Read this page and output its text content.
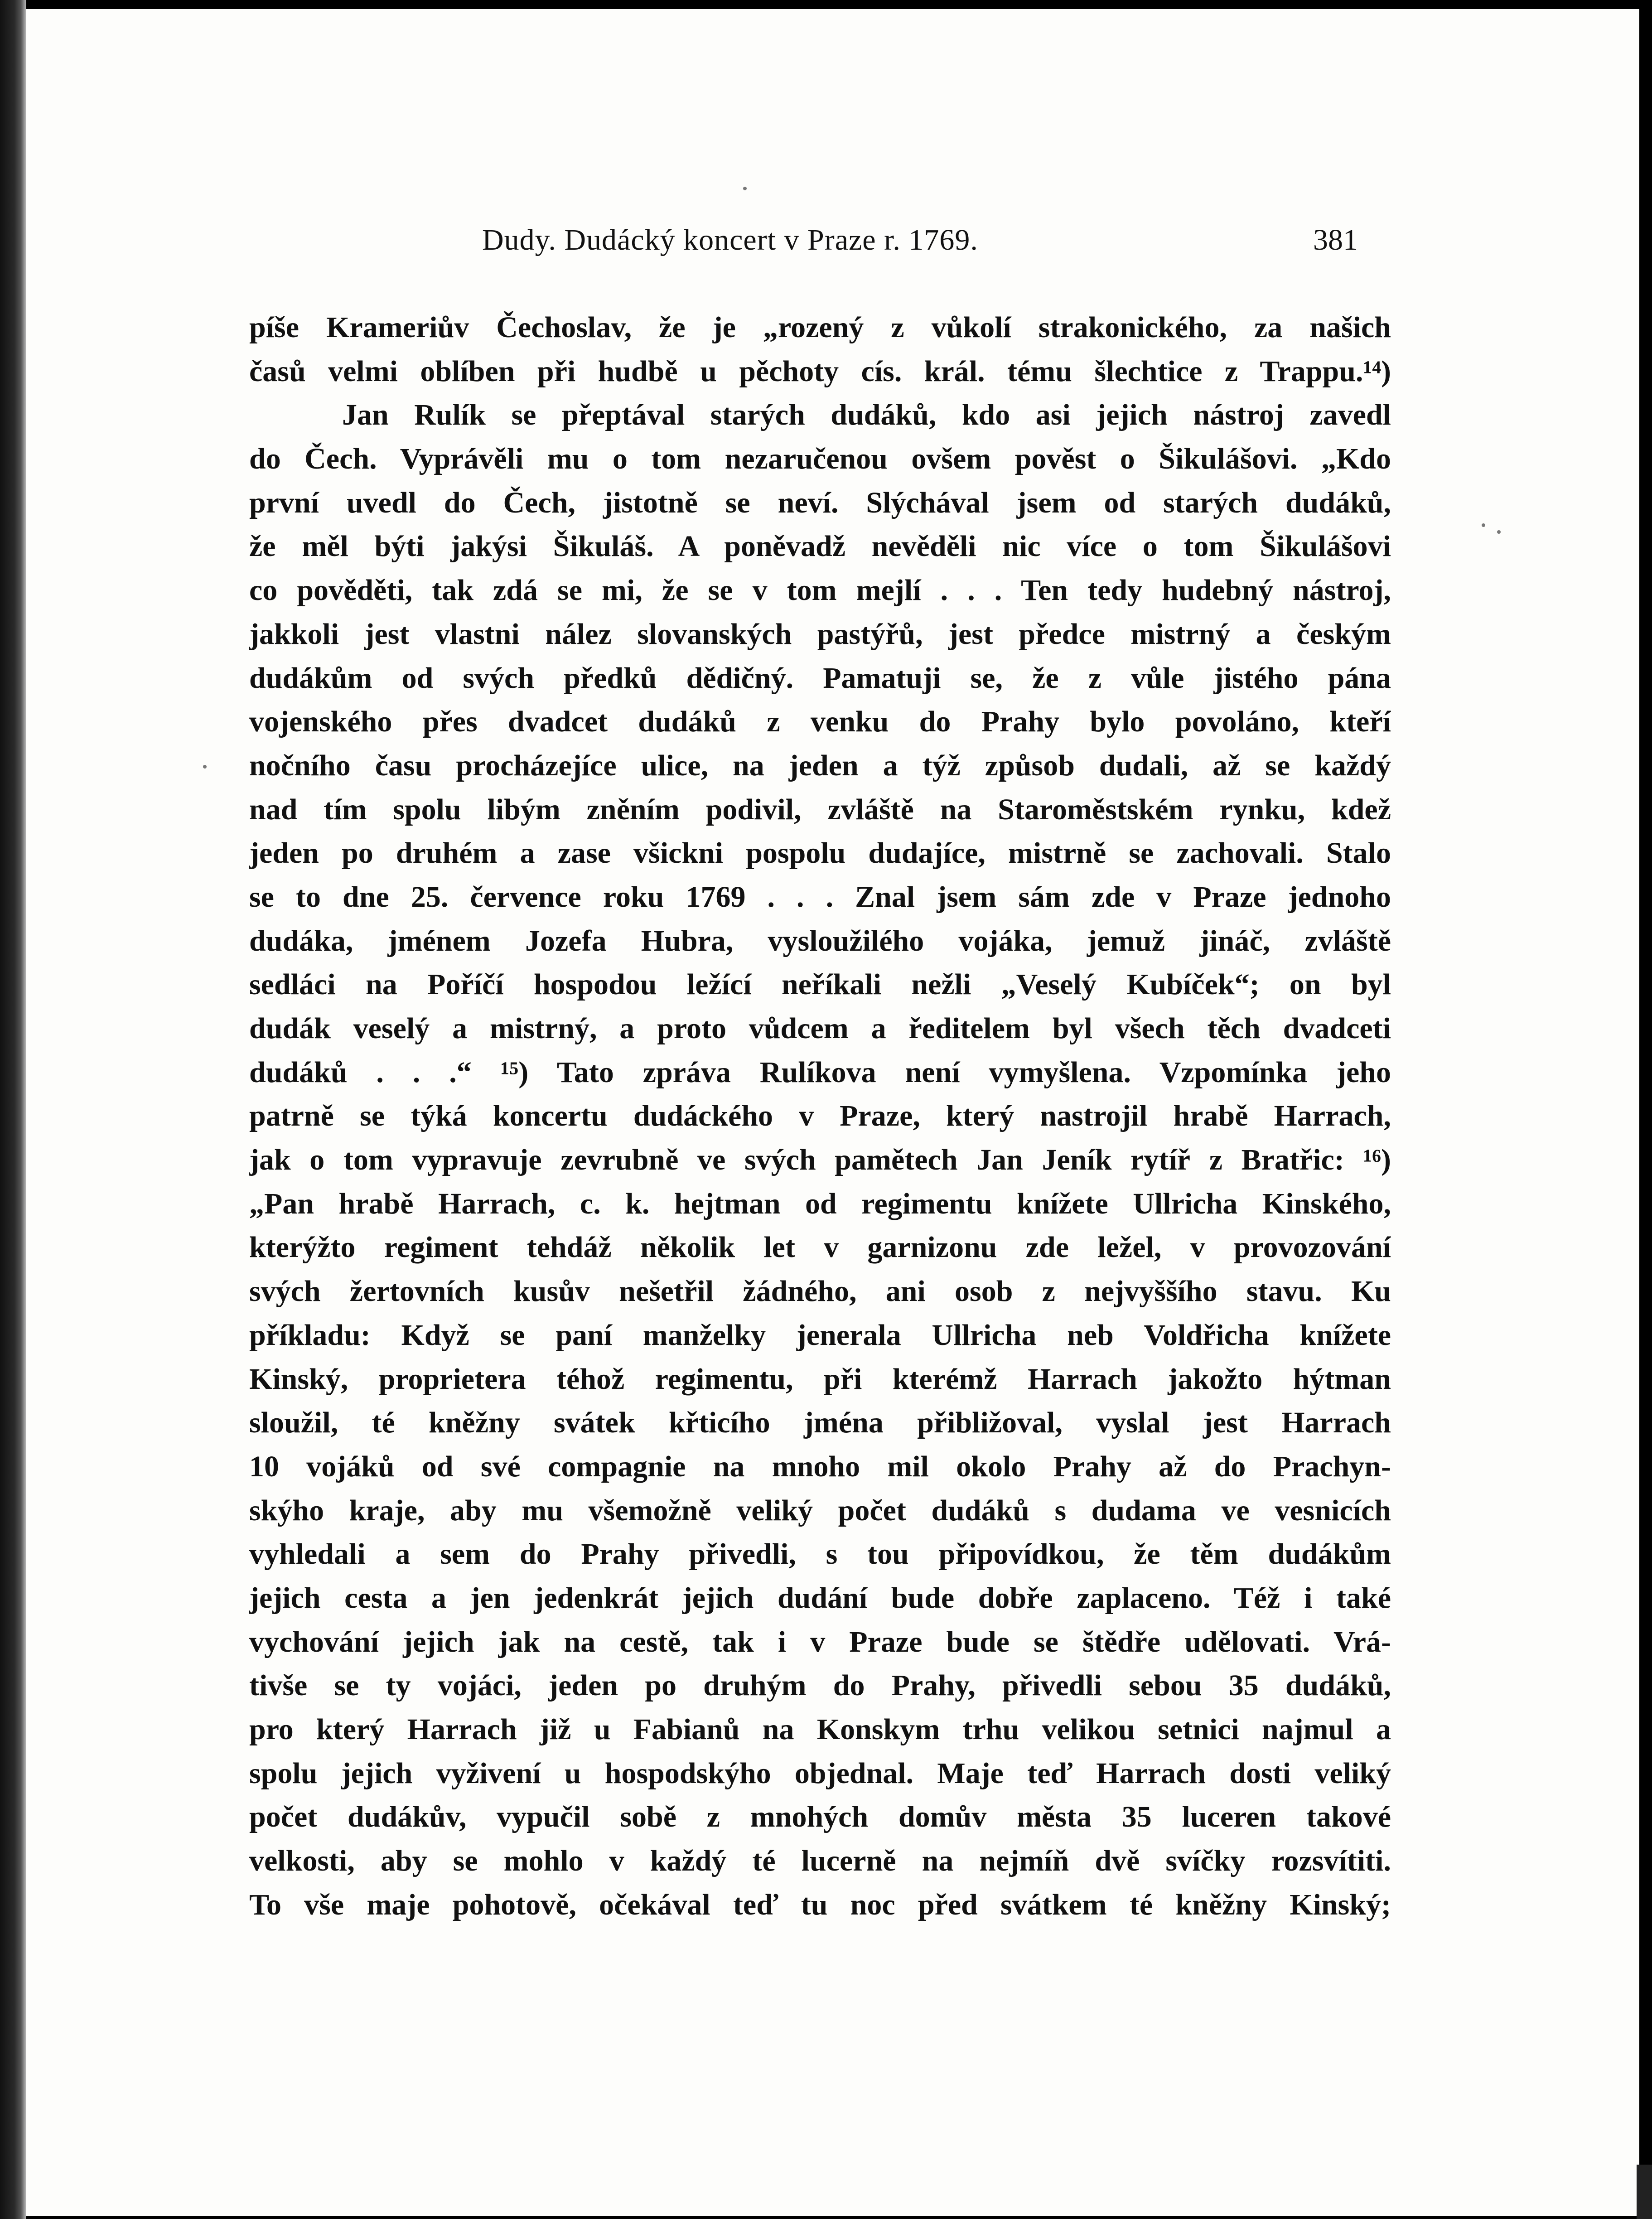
Dudy. Dudácký koncert v Praze r. 1769.	381
píše Krameriův Čechoslav, že je „rozený z vůkolí strakonického, za našich
časů velmi oblíben při hudbě u pěchoty cís. král. tému šlechtice z Trappu.¹⁴)
Jan Rulík se přeptával starých dudáků, kdo asi jejich nástroj zavedl
do Čech. Vyprávěli mu o tom nezaručenou ovšem pověst o Šikulášovi. „Kdo
první uvedl do Čech, jistotně se neví. Slýchával jsem od starých dudáků,
že měl býti jakýsi Šikuláš. A poněvadž nevěděli nic více o tom Šikulášovi
co pověděti, tak zdá se mi, že se v tom mejlí . . . Ten tedy hudebný nástroj,
jakkoli jest vlastni nález slovanských pastýřů, jest předce mistrný a českým
dudákům od svých předků dědičný. Pamatuji se, že z vůle jistého pána
vojenského přes dvadcet dudáků z venku do Prahy bylo povoláno, kteří
nočního času procházejíce ulice, na jeden a týž způsob dudali, až se každý
nad tím spolu libým zněním podivil, zvláště na Staroměstském rynku, kdež
jeden po druhém a zase všickni pospolu dudajíce, mistrně se zachovali. Stalo
se to dne 25. července roku 1769 . . . Znal jsem sám zde v Praze jednoho
dudáka, jménem Jozefa Hubra, vysloužilého vojáka, jemuž jináč, zvláště
sedláci na Poříčí hospodou ležící neříkali nežli „Veselý Kubíček“; on byl
dudák veselý a mistrný, a proto vůdcem a ředitelem byl všech těch dvadceti
dudáků . . .“ ¹⁵) Tato zpráva Rulíkova není vymyšlena. Vzpomínka jeho
patrně se týká koncertu dudáckého v Praze, který nastrojil hrabě Harrach,
jak o tom vypravuje zevrubně ve svých pamětech Jan Jeník rytíř z Bratřic: ¹⁶)
„Pan hrabě Harrach, c. k. hejtman od regimentu knížete Ullricha Kinského,
kterýžto regiment tehdáž několik let v garnizonu zde ležel, v provozování
svých žertovních kusův nešetřil žádného, ani osob z nejvyššího stavu. Ku
příkladu: Když se paní manželky jenerala Ullricha neb Voldřicha knížete
Kinský, proprietera téhož regimentu, při kterémž Harrach jakožto hýtman
sloužil, té kněžny svátek křticího jména přibližoval, vyslal jest Harrach
10 vojáků od své compagnie na mnoho mil okolo Prahy až do Prachyn-
skýho kraje, aby mu všemožně veliký počet dudáků s dudama ve vesnicích
vyhledali a sem do Prahy přivedli, s tou připovídkou, že těm dudákům
jejich cesta a jen jedenkrát jejich dudání bude dobře zaplaceno. Též i také
vychování jejich jak na cestě, tak i v Praze bude se štědře udělovati. Vrá-
tivše se ty vojáci, jeden po druhým do Prahy, přivedli sebou 35 dudáků,
pro který Harrach již u Fabianů na Konskym trhu velikou setnici najmul a
spolu jejich vyživení u hospodskýho objednal. Maje teď Harrach dosti veliký
počet dudákův, vypučil sobě z mnohých domův města 35 luceren takové
velkosti, aby se mohlo v každý té lucerně na nejmíň dvě svíčky rozsvítiti.
To vše maje pohotově, očekával teď tu noc před svátkem té kněžny Kinský;
